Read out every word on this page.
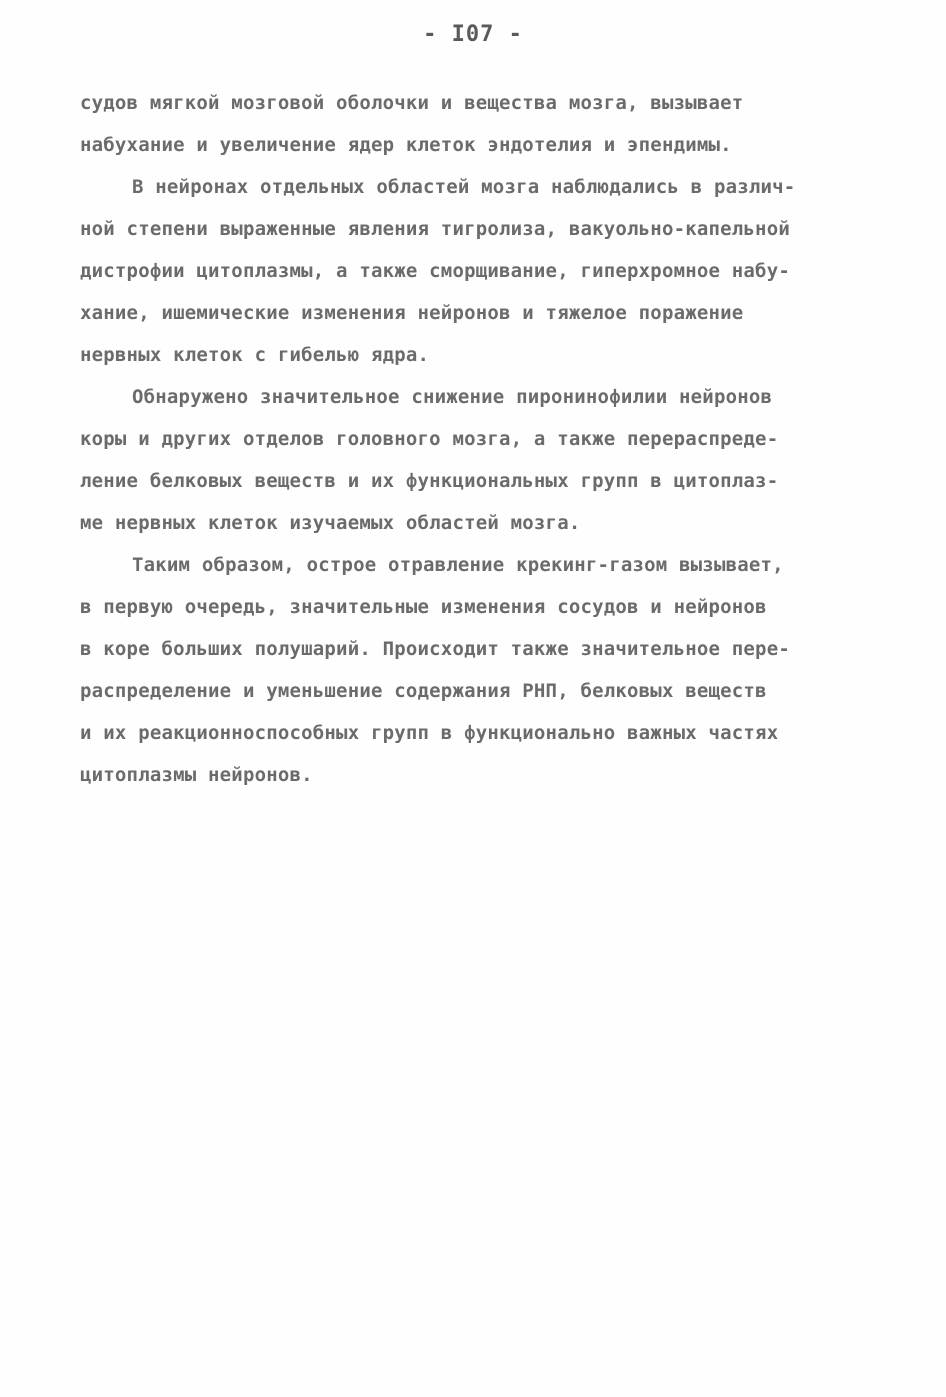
- I07 -
судов мягкой мозговой оболочки и вещества мозга, вызывает
набухание и увеличение ядер клеток эндотелия и эпендимы.
В нейронах отдельных областей мозга наблюдались в различ-
ной степени выраженные явления тигролиза, вакуольно-капельной
дистрофии цитоплазмы, а также сморщивание, гиперхромное набу-
хание, ишемические изменения нейронов и тяжелое поражение
нервных клеток с гибелью ядра.
Обнаружено значительное снижение пиронинофилии нейронов
коры и других отделов головного мозга, а также перераспреде-
ление белковых веществ и их функциональных групп в цитоплаз-
ме нервных клеток изучаемых областей мозга.
Таким образом, острое отравление крекинг-газом вызывает,
в первую очередь, значительные изменения сосудов и нейронов
в коре больших полушарий. Происходит также значительное пере-
распределение и уменьшение содержания РНП, белковых веществ
и их реакционноспособных групп в функционально важных частях
цитоплазмы нейронов.
